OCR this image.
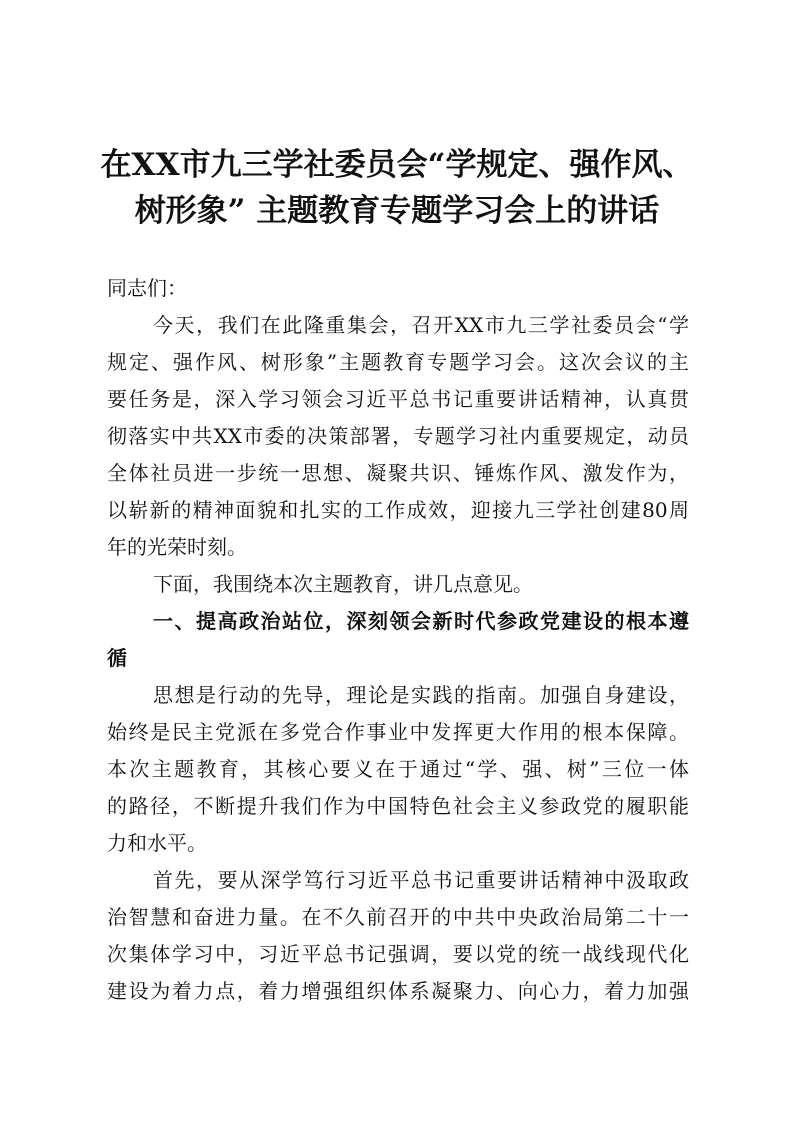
在XX市九三学社委员会“学规定、强作风、
树形象” 主题教育专题学习会上的讲话
同志们：
今天，我们在此隆重集会，召开XX市九三学社委员会“学
规定、强作风、树形象”主题教育专题学习会。这次会议的主
要任务是，深入学习领会习近平总书记重要讲话精神，认真贯
彻落实中共XX市委的决策部署，专题学习社内重要规定，动员
全体社员进一步统一思想、凝聚共识、锤炼作风、激发作为，
以崭新的精神面貌和扎实的工作成效，迎接九三学社创建80周
年的光荣时刻。
下面，我围绕本次主题教育，讲几点意见。
一、提高政治站位，深刻领会新时代参政党建设的根本遵
循
思想是行动的先导，理论是实践的指南。加强自身建设，
始终是民主党派在多党合作事业中发挥更大作用的根本保障。
本次主题教育，其核心要义在于通过“学、强、树”三位一体
的路径，不断提升我们作为中国特色社会主义参政党的履职能
力和水平。
首先，要从深学笃行习近平总书记重要讲话精神中汲取政
治智慧和奋进力量。在不久前召开的中共中央政治局第二十一
次集体学习中，习近平总书记强调，要以党的统一战线现代化
建设为着力点，着力增强组织体系凝聚力、向心力，着力加强
